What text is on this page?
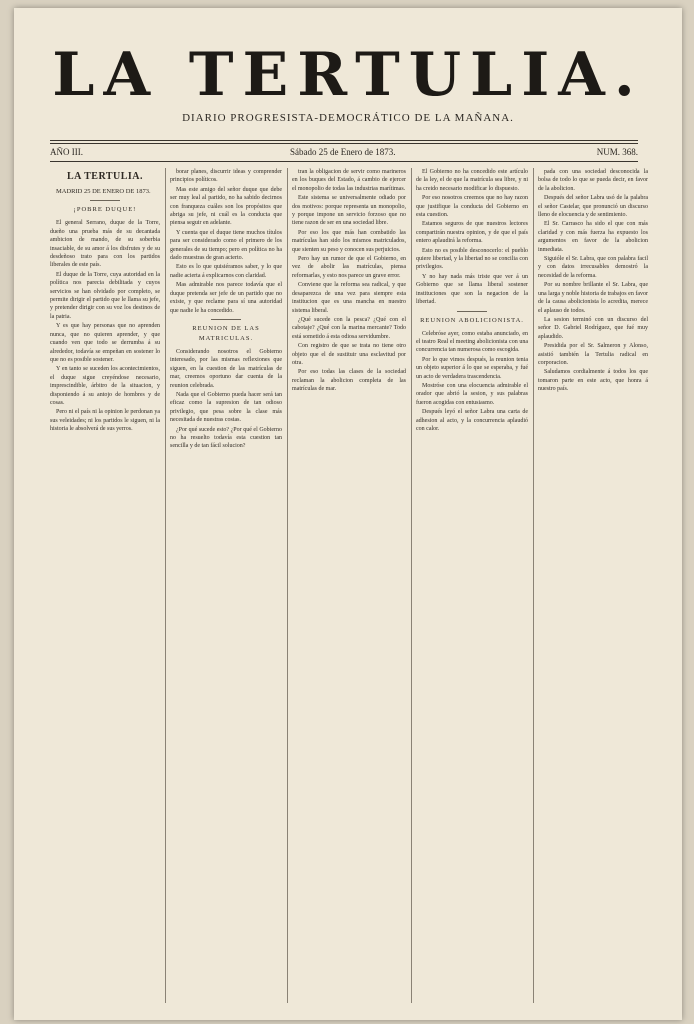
LA TERTULIA.
DIARIO PROGRESISTA-DEMOCRÁTICO DE LA MAÑANA.
AÑO III.	Sábado 25 de Enero de 1873.	NUM. 368.
LA TERTULIA.

MADRID 25 DE ENERO DE 1873.

¡POBRE DUQUE!

El general Serrano, duque de la Torre, dueño una prueba más de su decantada ambicion de mando, de su soberbia insaciable, de su amor á los disfrutes y de su desdeñoso trato para con los partidos liberales de este país.

El duque de la Torre, cuya autoridad en la política nos parecia debilitada y cuyos servicios se han olvidado por completo, se permite dirigir el partido que le llama su jefe, y pretender dirigir con su voz los destinos de la patria.

Y es que hay personas que no aprenden nunca, que no quieren aprender, y que cuando ven que todo se derrumba á su alrededor, todavía se empeñan en sostener lo que no es posible sostener.

Y en tanto se suceden los acontecimientos, el duque sigue creyéndose necesario, imprescindible, árbitro de la situacion, y disponiendo á su antojo de hombres y de cosas.

Pero ni el país ni la opinion le perdonan ya sus veleidades; ni los partidos le siguen, ni la historia le absolverá de sus yerros.

borar planes, discurrir ideas y comprender principios políticos.

Mas este amigo del señor duque que debe ser muy leal al partido, no ha sabido decirnos con franqueza cuáles son los propósitos que abriga su jefe, ni cuál es la conducta que piensa seguir en adelante.

Y cuenta que el duque tiene muchos títulos para ser considerado como el primero de los generales de su tiempo; pero en política no ha dado muestras de gran acierto.

Esto es lo que quisiéramos saber, y lo que nadie acierta á explicarnos con claridad.

Mas admirable nos parece todavía que el duque pretenda ser jefe de un partido que no existe, y que reclame para sí una autoridad que nadie le ha concedido.

REUNION DE LAS MATRICULAS.

Considerando nosotros el Gobierno interesado, por las mismas reflexiones que siguen, en la cuestion de las matrículas de mar, creemos oportuno dar cuenta de la reunion celebrada.

Nada que el Gobierno pueda hacer será tan eficaz como la supresion de tan odioso privilegio, que pesa sobre la clase más necesitada de nuestras costas.

¿Por qué sucede esto? ¿Por qué el Gobierno no ha resuelto todavía esta cuestion tan sencilla y de tan fácil solucion?

tran la obligacion de servir como marineros en los buques del Estado, á cambio de ejercer el monopolio de todas las industrias marítimas.

Este sistema se universalmente odiado por dos motivos: porque representa un monopolio, y porque impone un servicio forzoso que no tiene razon de ser en una sociedad libre.

Por eso los que más han combatido las matrículas han sido los mismos matriculados, que sienten su peso y conocen sus perjuicios.

Pero hay un rumor de que el Gobierno, en vez de abolir las matrículas, piensa reformarlas, y esto nos parece un grave error.

Conviene que la reforma sea radical, y que desaparezca de una vez para siempre esta institucion que es una mancha en nuestro sistema liberal.

¿Qué sucede con la pesca? ¿Qué con el cabotaje? ¿Qué con la marina mercante? Todo está sometido á esta odiosa servidumbre.

Con registro de que se trata no tiene otro objeto que el de sustituir una esclavitud por otra.

Por eso todas las clases de la sociedad reclaman la abolicion completa de las matrículas de mar.

El Gobierno no ha concedido este artículo de la ley, el de que la matrícula sea libre, y ni ha creido necesario modificar lo dispuesto.

Por eso nosotros creemos que no hay razon que justifique la conducta del Gobierno en esta cuestion.

Estamos seguros de que nuestros lectores compartirán nuestra opinion, y de que el país entero aplaudirá la reforma.

Esto no es posible desconocerlo: el pueblo quiere libertad, y la libertad no se concilia con privilegios.

Y no hay nada más triste que ver á un Gobierno que se llama liberal sostener instituciones que son la negacion de la libertad.

REUNION ABOLICIONISTA.

Celebróse ayer, como estaba anunciado, en el teatro Real el meeting abolicionista con una concurrencia tan numerosa como escogida.

Por lo que vimos después, la reunion tenia un objeto superior á lo que se esperaba, y fué un acto de verdadera trascendencia.

Mostróse con una elocuencia admirable el orador que abrió la sesion, y sus palabras fueron acogidas con entusiasmo.

Después leyó el señor Labra una carta de adhesion al acto, y la concurrencia aplaudió con calor.

pada con una sociedad desconocida la bolsa de todo lo que se pueda decir, en favor de la abolicion.

Después del señor Labra usó de la palabra el señor Castelar, que pronunció un discurso lleno de elocuencia y de sentimiento.

El Sr. Carrasco ha sido el que con más claridad y con más fuerza ha expuesto los argumentos en favor de la abolicion inmediata.

Siguióle el Sr. Labra, que con palabra facil y con datos irrecusables demostró la necesidad de la reforma.

Por su nombre brillante el Sr. Labra, que una larga y noble historia de trabajos en favor de la causa abolicionista lo acredita, merece el aplauso de todos.

La sesion terminó con un discurso del señor D. Gabriel Rodríguez, que fué muy aplaudido.

Presidida por el Sr. Salmeron y Alonso, asistió también la Tertulia radical en corporacion.

Saludamos cordialmente á todos los que tomaron parte en este acto, que honra á nuestro país.
